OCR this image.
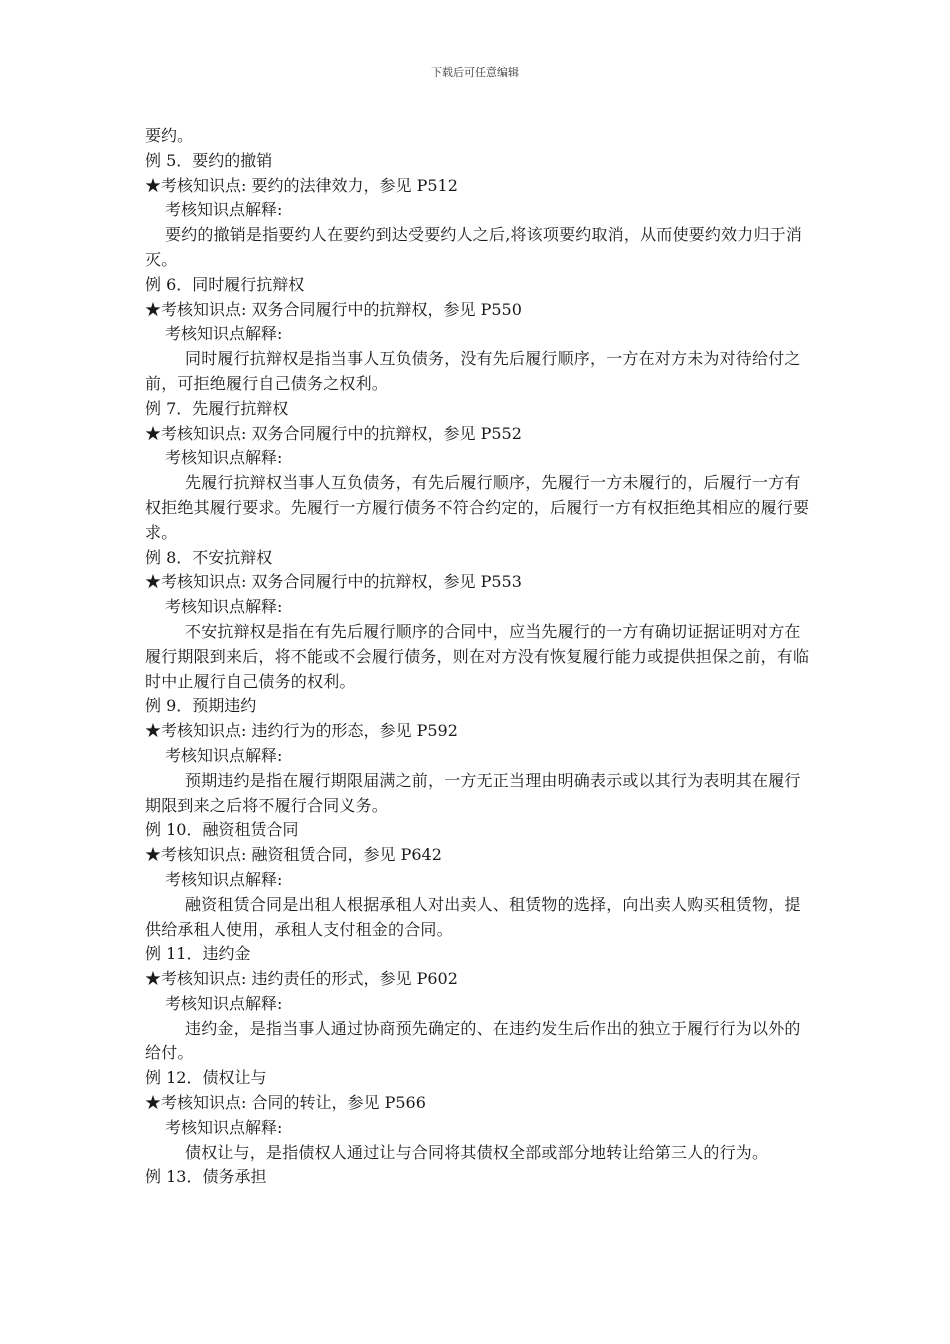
下载后可任意编辑
要约。
例 5．要约的撤销
★考核知识点: 要约的法律效力，参见 P512
考核知识点解释:
要约的撤销是指要约人在要约到达受要约人之后,将该项要约取消，从而使要约效力归于消灭。
例 6．同时履行抗辩权
★考核知识点: 双务合同履行中的抗辩权，参见 P550
考核知识点解释:
同时履行抗辩权是指当事人互负债务，没有先后履行顺序，一方在对方未为对待给付之前，可拒绝履行自己债务之权利。
例 7．先履行抗辩权
★考核知识点: 双务合同履行中的抗辩权，参见 P552
考核知识点解释:
先履行抗辩权当事人互负债务，有先后履行顺序，先履行一方未履行的，后履行一方有权拒绝其履行要求。先履行一方履行债务不符合约定的，后履行一方有权拒绝其相应的履行要求。
例 8．不安抗辩权
★考核知识点: 双务合同履行中的抗辩权，参见 P553
考核知识点解释:
不安抗辩权是指在有先后履行顺序的合同中，应当先履行的一方有确切证据证明对方在履行期限到来后，将不能或不会履行债务，则在对方没有恢复履行能力或提供担保之前，有临时中止履行自己债务的权利。
例 9．预期违约
★考核知识点: 违约行为的形态，参见 P592
考核知识点解释:
预期违约是指在履行期限届满之前，一方无正当理由明确表示或以其行为表明其在履行期限到来之后将不履行合同义务。
例 10．融资租赁合同
★考核知识点: 融资租赁合同，参见 P642
考核知识点解释:
融资租赁合同是出租人根据承租人对出卖人、租赁物的选择，向出卖人购买租赁物，提供给承租人使用，承租人支付租金的合同。
例 11．违约金
★考核知识点: 违约责任的形式，参见 P602
考核知识点解释:
违约金，是指当事人通过协商预先确定的、在违约发生后作出的独立于履行行为以外的给付。
例 12．债权让与
★考核知识点: 合同的转让，参见 P566
考核知识点解释:
债权让与，是指债权人通过让与合同将其债权全部或部分地转让给第三人的行为。
例 13．债务承担
